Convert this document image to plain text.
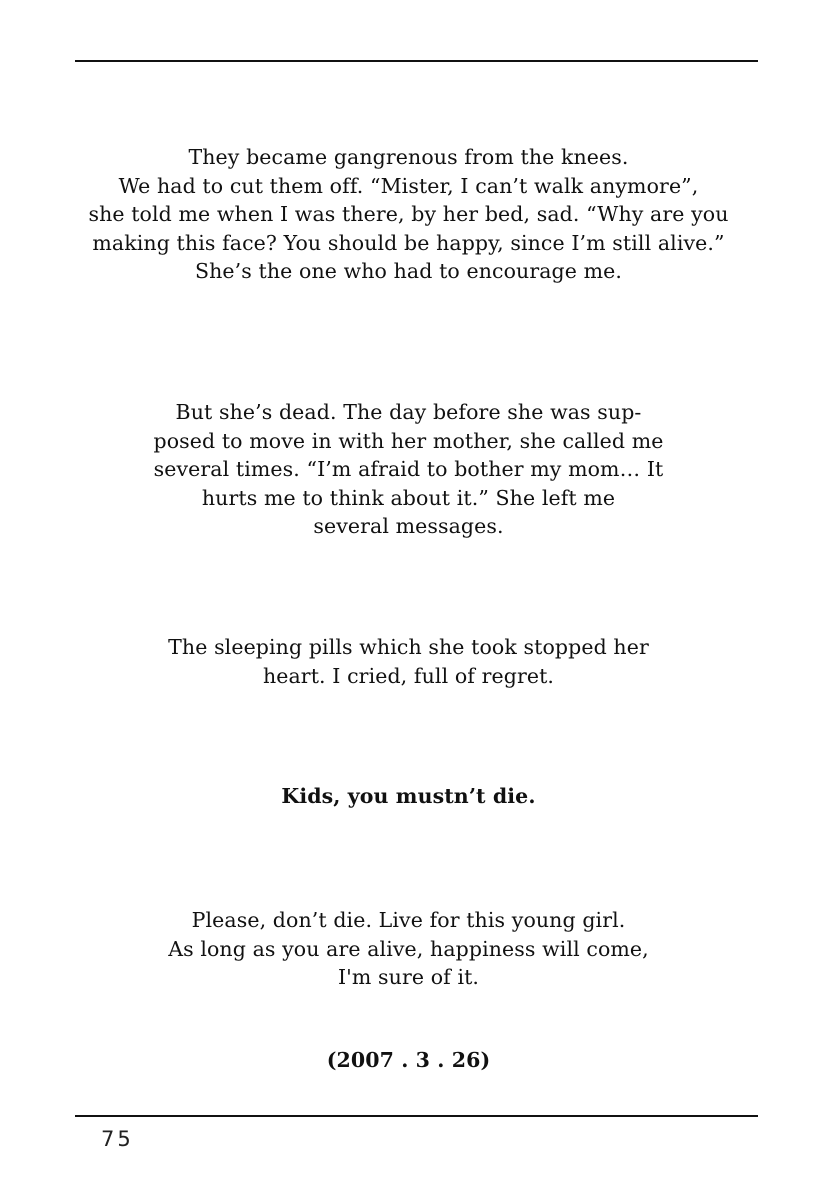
They became gangrenous from the knees.
We had to cut them off. “Mister, I can’t walk anymore”,
she told me when I was there, by her bed, sad. “Why are you
making this face? You should be happy, since I’m still alive.”
She’s the one who had to encourage me.
But she’s dead. The day before she was sup-
posed to move in with her mother, she called me
several times. “I’m afraid to bother my mom… It
hurts me to think about it.” She left me
several messages.
The sleeping pills which she took stopped her
heart. I cried, full of regret.
Kids, you mustn’t die.
Please, don’t die. Live for this young girl.
As long as you are alive, happiness will come,
I'm sure of it.
(2007 . 3 . 26)
75
